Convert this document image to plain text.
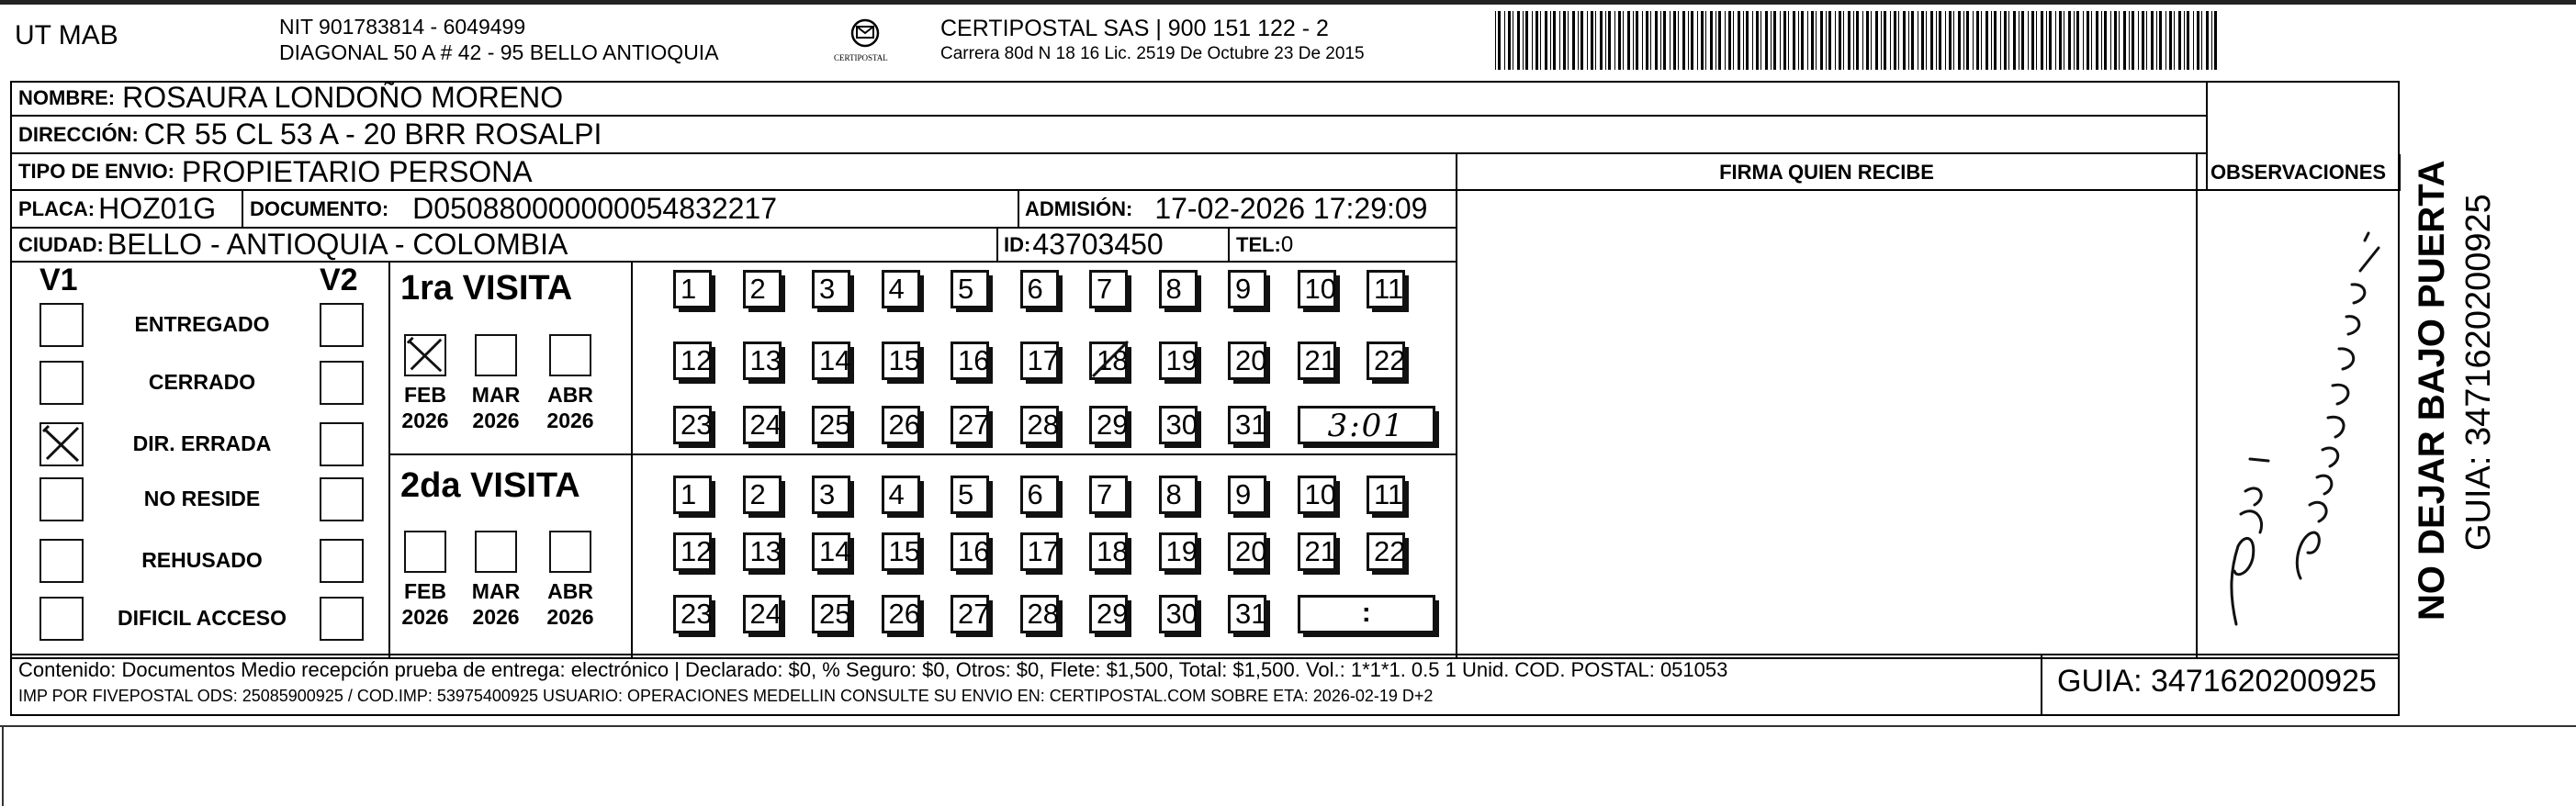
UT MAB	NIT 901783814 - 6049499
DIAGONAL 50 A # 42 - 95 BELLO ANTIOQUIA	CERTIPOSTAL
CERTIPOSTAL SAS | 900 151 122 - 2
Carrera 80d N 18 16 Lic. 2519 De Octubre 23 De 2015
NOMBRE: ROSAURA LONDOÑO MORENO
DIRECCIÓN: CR 55 CL 53 A - 20 BRR ROSALPI
TIPO DE ENVIO: PROPIETARIO PERSONA
PLACA: HOZ01G DOCUMENTO: D050880000000054832217	ADMISIÓN: 17-02-2026 17:29:09
CIUDAD: BELLO - ANTIOQUIA - COLOMBIA	ID: 43703450	TEL: 0
FIRMA QUIEN RECIBE	OBSERVACIONES
V1	V2
ENTREGADO
CERRADO
DIR. ERRADA
NO RESIDE
REHUSADO
DIFICIL ACCESO
1ra VISITA
FEB
2026
MAR
2026
ABR
2026
1	2	3	4	5	6	7	8	9	10 11
12 13 14 15 16 17 18 19 20 21 22
23 24 25 26 27 28 29 30 31 3:01
2da VISITA
FEB
2026
MAR
2026
ABR
2026
1	2	3	4	5	6	7	8	9	10 11
12 13 14 15 16 17 18 19 20 21 22
23 24 25 26 27 28 29 30 31	:
Contenido: Documentos Medio recepción prueba de entrega: electrónico | Declarado: $0, % Seguro: $0, Otros: $0, Flete: $1,500, Total: $1,500. Vol.: 1*1*1. 0.5 1 Unid. COD. POSTAL: 051053
IMP POR FIVEPOSTAL ODS: 25085900925 / COD.IMP: 53975400925 USUARIO: OPERACIONES MEDELLIN CONSULTE SU ENVIO EN: CERTIPOSTAL.COM SOBRE ETA: 2026-02-19 D+2	GUIA: 3471620200925
NO DEJAR BAJO PUERTA GUIA: 3471620200925
